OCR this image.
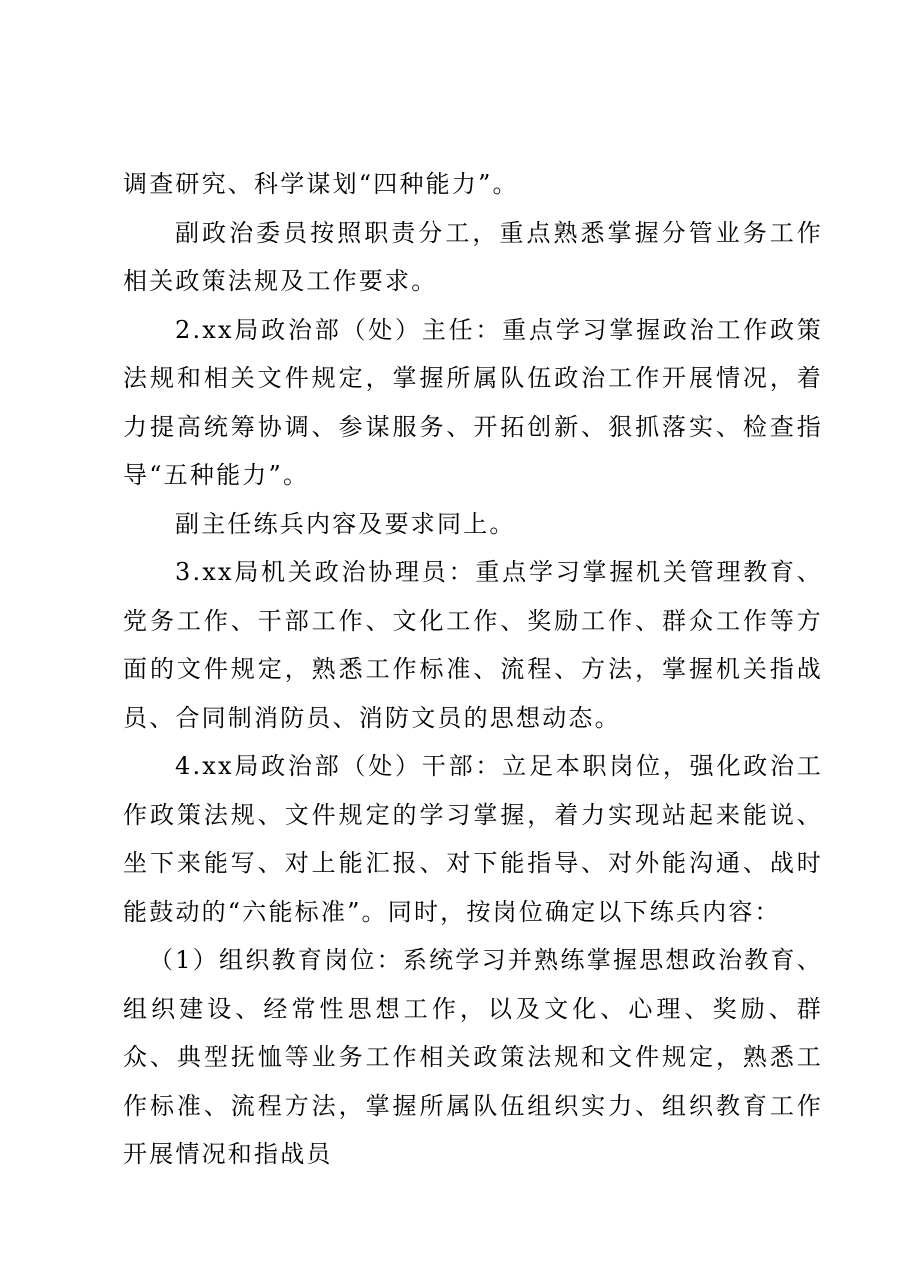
调查研究、科学谋划“四种能力”。

副政治委员按照职责分工，重点熟悉掌握分管业务工作相关政策法规及工作要求。

2.xx局政治部（处）主任：重点学习掌握政治工作政策法规和相关文件规定，掌握所属队伍政治工作开展情况，着力提高统筹协调、参谋服务、开拓创新、狠抓落实、检查指导“五种能力”。

副主任练兵内容及要求同上。

3.xx局机关政治协理员：重点学习掌握机关管理教育、党务工作、干部工作、文化工作、奖励工作、群众工作等方面的文件规定，熟悉工作标准、流程、方法，掌握机关指战员、合同制消防员、消防文员的思想动态。

4.xx局政治部（处）干部：立足本职岗位，强化政治工作政策法规、文件规定的学习掌握，着力实现站起来能说、坐下来能写、对上能汇报、对下能指导、对外能沟通、战时能鼓动的“六能标准”。同时，按岗位确定以下练兵内容：

（1）组织教育岗位：系统学习并熟练掌握思想政治教育、组织建设、经常性思想工作，以及文化、心理、奖励、群众、典型抚恤等业务工作相关政策法规和文件规定，熟悉工作标准、流程方法，掌握所属队伍组织实力、组织教育工作开展情况和指战员
